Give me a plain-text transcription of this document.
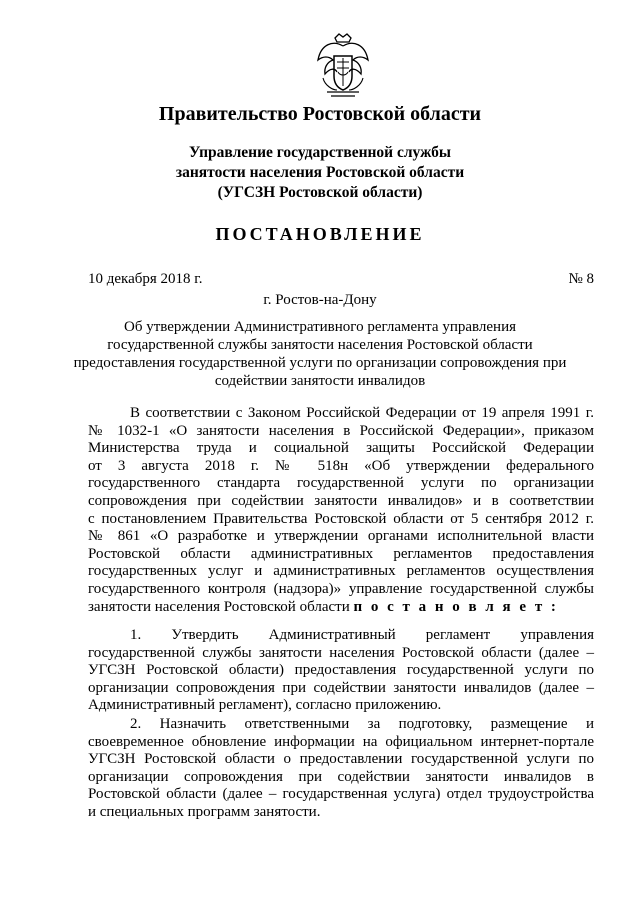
Правительство Ростовской области
Управление государственной службы
занятости населения Ростовской области
(УГСЗН Ростовской области)
ПОСТАНОВЛЕНИЕ
10 декабря 2018 г.	№ 8
г. Ростов-на-Дону
Об утверждении Административного регламента управления
государственной службы занятости населения Ростовской области
предоставления государственной услуги по организации сопровождения при
содействии занятости инвалидов
В соответствии с Законом Российской Федерации от 19 апреля 1991 г.
№ 1032-1 «О занятости населения в Российской Федерации», приказом
Министерства труда и социальной защиты Российской Федерации
от 3 августа 2018 г. № 518н «Об утверждении федерального
государственного стандарта государственной услуги по организации
сопровождения при содействии занятости инвалидов» и в соответствии
с постановлением Правительства Ростовской области от 5 сентября 2012 г.
№ 861 «О разработке и утверждении органами исполнительной власти
Ростовской области административных регламентов предоставления
государственных услуг и административных регламентов осуществления
государственного контроля (надзора)» управление государственной службы
занятости населения Ростовской области п о с т а н о в л я е т :
1. Утвердить Административный регламент управления
государственной службы занятости населения Ростовской области (далее –
УГСЗН Ростовской области) предоставления государственной услуги по
организации сопровождения при содействии занятости инвалидов (далее –
Административный регламент), согласно приложению.
2. Назначить ответственными за подготовку, размещение и
своевременное обновление информации на официальном интернет-портале
УГСЗН Ростовской области о предоставлении государственной услуги по
организации сопровождения при содействии занятости инвалидов в
Ростовской области (далее – государственная услуга) отдел трудоустройства
и специальных программ занятости.
